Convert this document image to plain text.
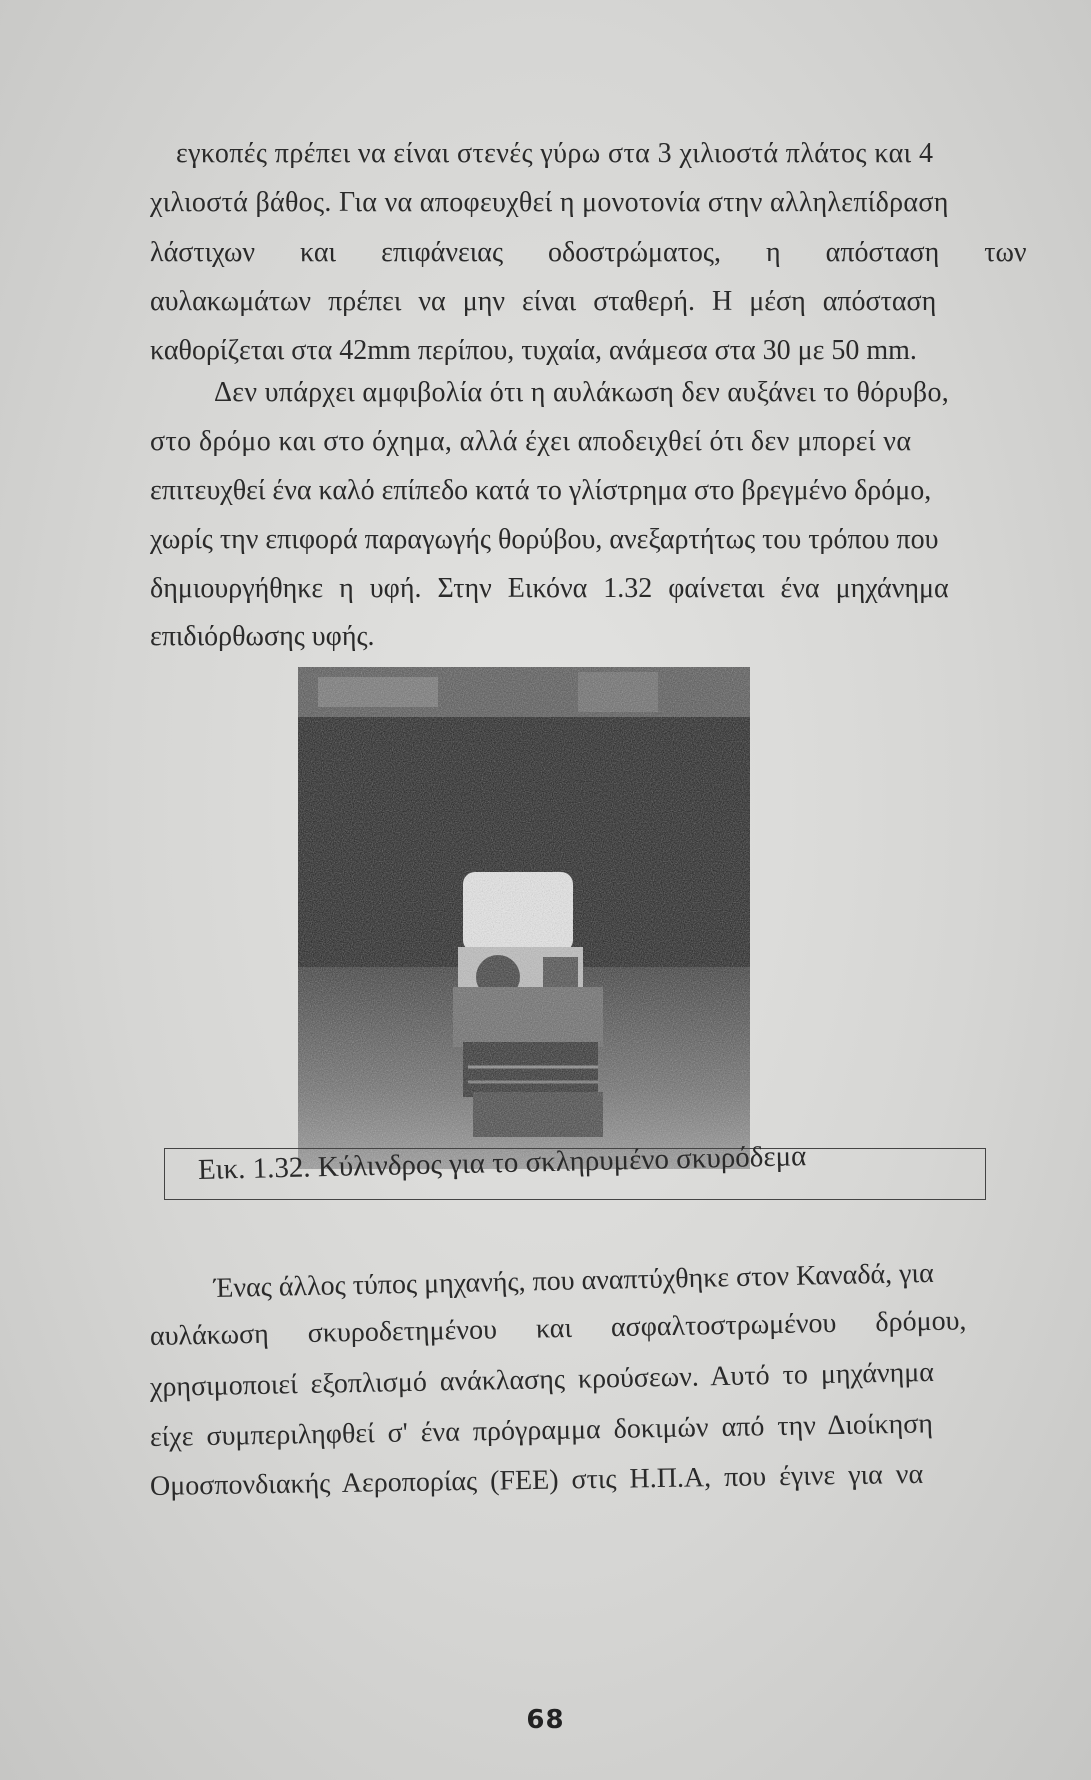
εγκοπές πρέπει να είναι στενές γύρω στα 3 χιλιοστά πλάτος και 4
χιλιοστά βάθος. Για να αποφευχθεί η μονοτονία στην αλληλεπίδραση
λάστιχων και επιφάνειας οδοστρώματος, η απόσταση των
αυλακωμάτων πρέπει να μην είναι σταθερή. Η μέση απόσταση
καθορίζεται στα 42mm περίπου, τυχαία, ανάμεσα στα 30 με 50 mm.
Δεν υπάρχει αμφιβολία ότι η αυλάκωση δεν αυξάνει το θόρυβο,
στο δρόμο και στο όχημα, αλλά έχει αποδειχθεί ότι δεν μπορεί να
επιτευχθεί ένα καλό επίπεδο κατά το γλίστρημα στο βρεγμένο δρόμο,
χωρίς την επιφορά παραγωγής θορύβου, ανεξαρτήτως του τρόπου που
δημιουργήθηκε η υφή. Στην Εικόνα 1.32 φαίνεται ένα μηχάνημα
επιδιόρθωσης υφής.
Εικ. 1.32. Κύλινδρος για το σκληρυμένο σκυρόδεμα
Ένας άλλος τύπος μηχανής, που αναπτύχθηκε στον Καναδά, για
αυλάκωση σκυροδετημένου και ασφαλτοστρωμένου δρόμου,
χρησιμοποιεί εξοπλισμό ανάκλασης κρούσεων. Αυτό το μηχάνημα
είχε συμπεριληφθεί σ' ένα πρόγραμμα δοκιμών από την Διοίκηση
Ομοσπονδιακής Αεροπορίας (FEE) στις Η.Π.Α, που έγινε για να
68
